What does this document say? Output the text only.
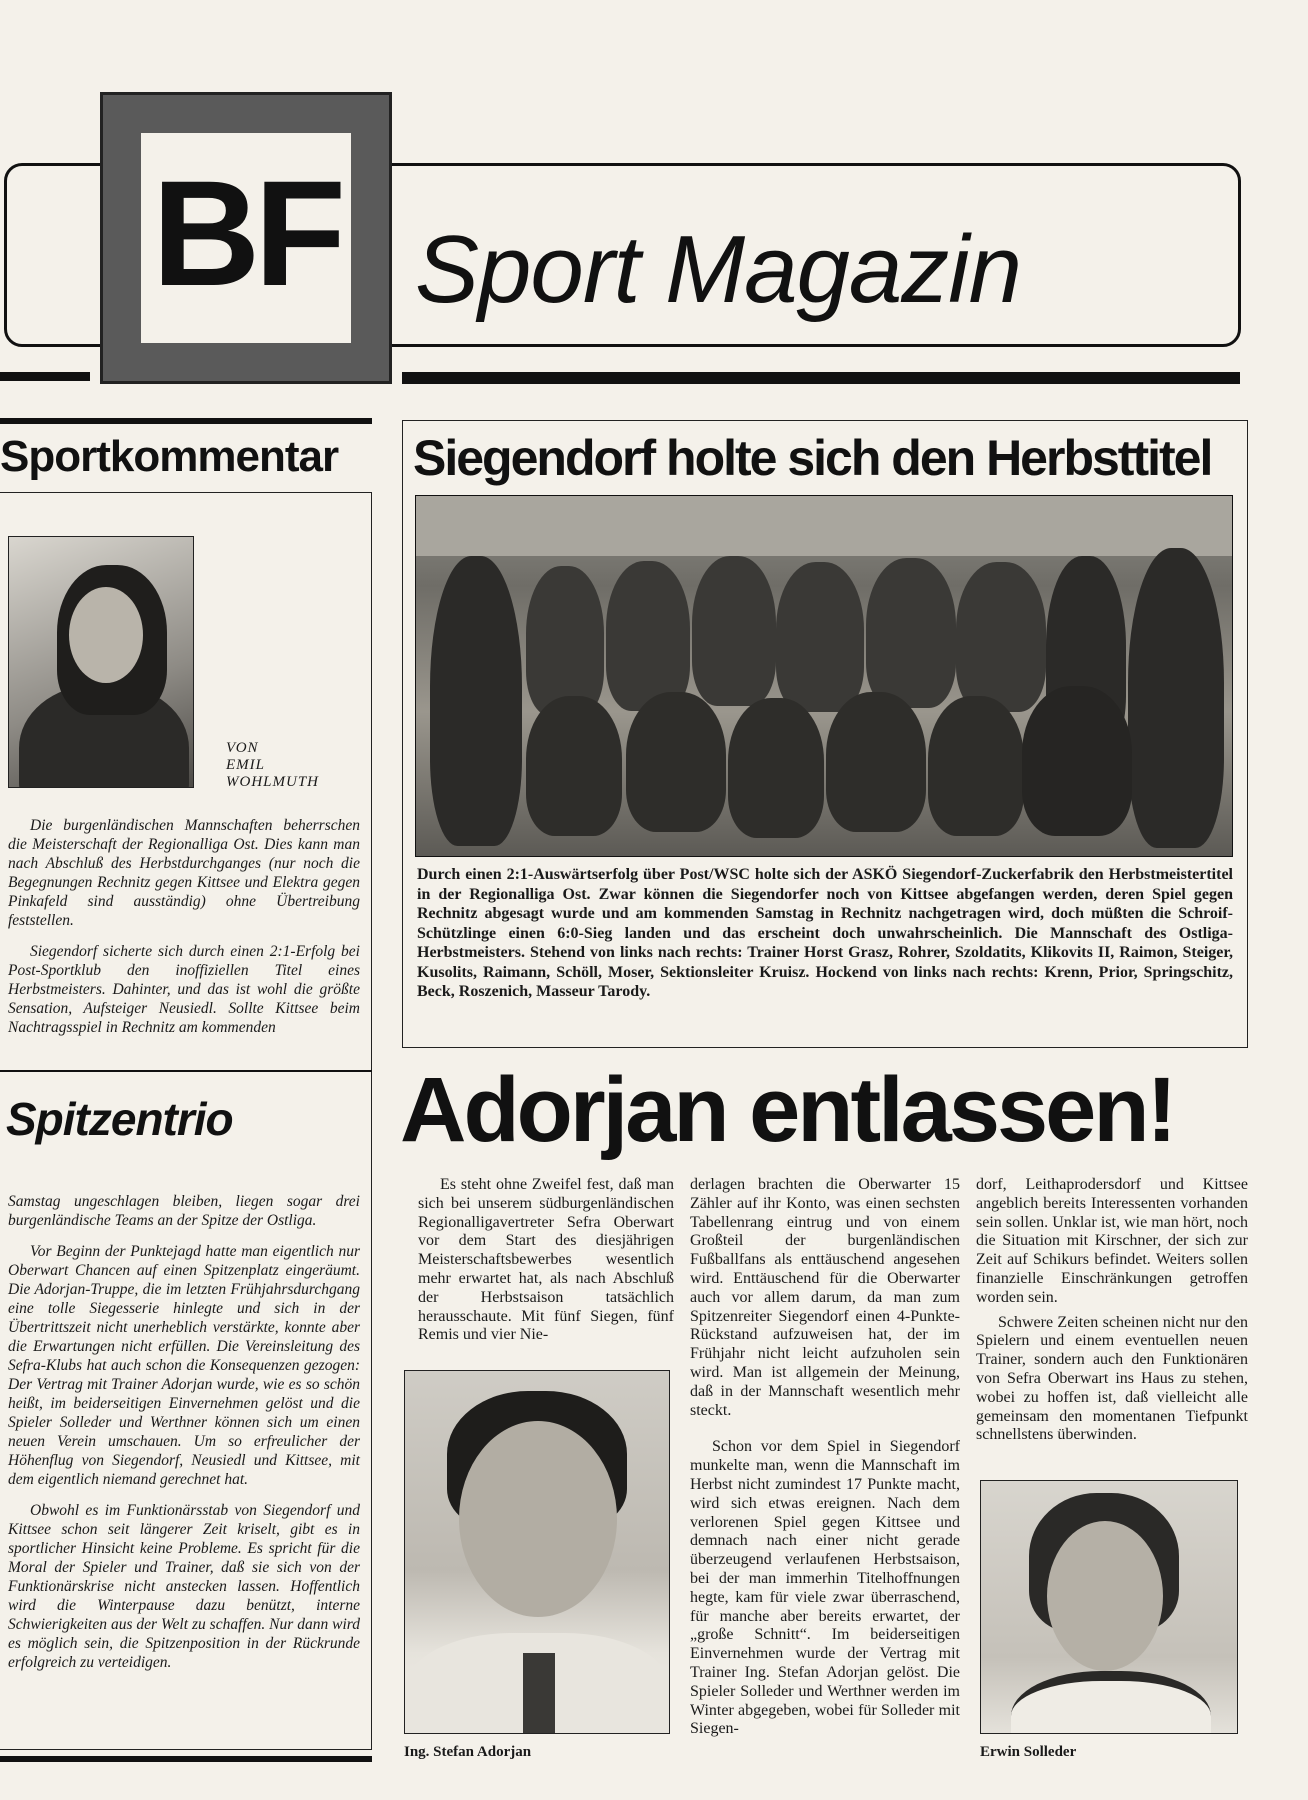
BF Sport Magazin
Sportkommentar
VON
EMIL
WOHLMUTH

Die burgenländischen Mannschaften beherrschen die Meisterschaft der Regionalliga Ost. Dies kann man nach Abschluß des Herbstdurchganges (nur noch die Begegnungen Rechnitz gegen Kittsee und Elektra gegen Pinkafeld sind ausständig) ohne Übertreibung feststellen.

Siegendorf sicherte sich durch einen 2:1-Erfolg bei Post-Sportklub den inoffiziellen Titel eines Herbstmeisters. Dahinter, und das ist wohl die größte Sensation, Aufsteiger Neusiedl. Sollte Kittsee beim Nachtragsspiel in Rechnitz am kommenden

Spitzentrio

Samstag ungeschlagen bleiben, liegen sogar drei burgenländische Teams an der Spitze der Ostliga.

Vor Beginn der Punktejagd hatte man eigentlich nur Oberwart Chancen auf einen Spitzenplatz eingeräumt. Die Adorjan-Truppe, die im letzten Frühjahrsdurchgang eine tolle Siegesserie hinlegte und sich in der Übertrittszeit nicht unerheblich verstärkte, konnte aber die Erwartungen nicht erfüllen. Die Vereinsleitung des Sefra-Klubs hat auch schon die Konsequenzen gezogen: Der Vertrag mit Trainer Adorjan wurde, wie es so schön heißt, im beiderseitigen Einvernehmen gelöst und die Spieler Solleder und Werthner können sich um einen neuen Verein umschauen. Um so erfreulicher der Höhenflug von Siegendorf, Neusiedl und Kittsee, mit dem eigentlich niemand gerechnet hat.

Obwohl es im Funktionärsstab von Siegendorf und Kittsee schon seit längerer Zeit kriselt, gibt es in sportlicher Hinsicht keine Probleme. Es spricht für die Moral der Spieler und Trainer, daß sie sich von der Funktionärskrise nicht anstecken lassen. Hoffentlich wird die Winterpause dazu benützt, interne Schwierigkeiten aus der Welt zu schaffen. Nur dann wird es möglich sein, die Spitzenposition in der Rückrunde erfolgreich zu verteidigen.

Siegendorf holte sich den Herbsttitel
Durch einen 2:1-Auswärtserfolg über Post/WSC holte sich der ASKÖ Siegendorf-Zuckerfabrik den Herbstmeistertitel in der Regionalliga Ost. Zwar können die Siegendorfer noch von Kittsee abgefangen werden, deren Spiel gegen Rechnitz abgesagt wurde und am kommenden Samstag in Rechnitz nachgetragen wird, doch müßten die Schroif-Schützlinge einen 6:0-Sieg landen und das erscheint doch unwahrscheinlich. Die Mannschaft des Ostliga-Herbstmeisters. Stehend von links nach rechts: Trainer Horst Grasz, Rohrer, Szoldatits, Klikovits II, Raimon, Steiger, Kusolits, Raimann, Schöll, Moser, Sektionsleiter Kruisz. Hockend von links nach rechts: Krenn, Prior, Springschitz, Beck, Roszenich, Masseur Tarody.
Adorjan entlassen!

Es steht ohne Zweifel fest, daß man sich bei unserem südburgenländischen Regionalligavertreter Sefra Oberwart vor dem Start des diesjährigen Meisterschaftsbewerbes wesentlich mehr erwartet hat, als nach Abschluß der Herbstsaison tatsächlich herausschaute. Mit fünf Siegen, fünf Remis und vier Nie-

Ing. Stefan Adorjan

derlagen brachten die Oberwarter 15 Zähler auf ihr Konto, was einen sechsten Tabellenrang eintrug und von einem Großteil der burgenländischen Fußballfans als enttäuschend angesehen wird. Enttäuschend für die Oberwarter auch vor allem darum, da man zum Spitzenreiter Siegendorf einen 4-Punkte-Rückstand aufzuweisen hat, der im Frühjahr nicht leicht aufzuholen sein wird. Man ist allgemein der Meinung, daß in der Mannschaft wesentlich mehr steckt.

Schon vor dem Spiel in Siegendorf munkelte man, wenn die Mannschaft im Herbst nicht zumindest 17 Punkte macht, wird sich etwas ereignen. Nach dem verlorenen Spiel gegen Kittsee und demnach nach einer nicht gerade überzeugend verlaufenen Herbstsaison, bei der man immerhin Titelhoffnungen hegte, kam für viele zwar überraschend, für manche aber bereits erwartet, der „große Schnitt“. Im beiderseitigen Einvernehmen wurde der Vertrag mit Trainer Ing. Stefan Adorjan gelöst. Die Spieler Solleder und Werthner werden im Winter abgegeben, wobei für Solleder mit Siegen-

dorf, Leithaprodersdorf und Kittsee angeblich bereits Interessenten vorhanden sein sollen. Unklar ist, wie man hört, noch die Situation mit Kirschner, der sich zur Zeit auf Schikurs befindet. Weiters sollen finanzielle Einschränkungen getroffen worden sein.

Schwere Zeiten scheinen nicht nur den Spielern und einem eventuellen neuen Trainer, sondern auch den Funktionären von Sefra Oberwart ins Haus zu stehen, wobei zu hoffen ist, daß vielleicht alle gemeinsam den momentanen Tiefpunkt schnellstens überwinden.

Erwin Solleder
